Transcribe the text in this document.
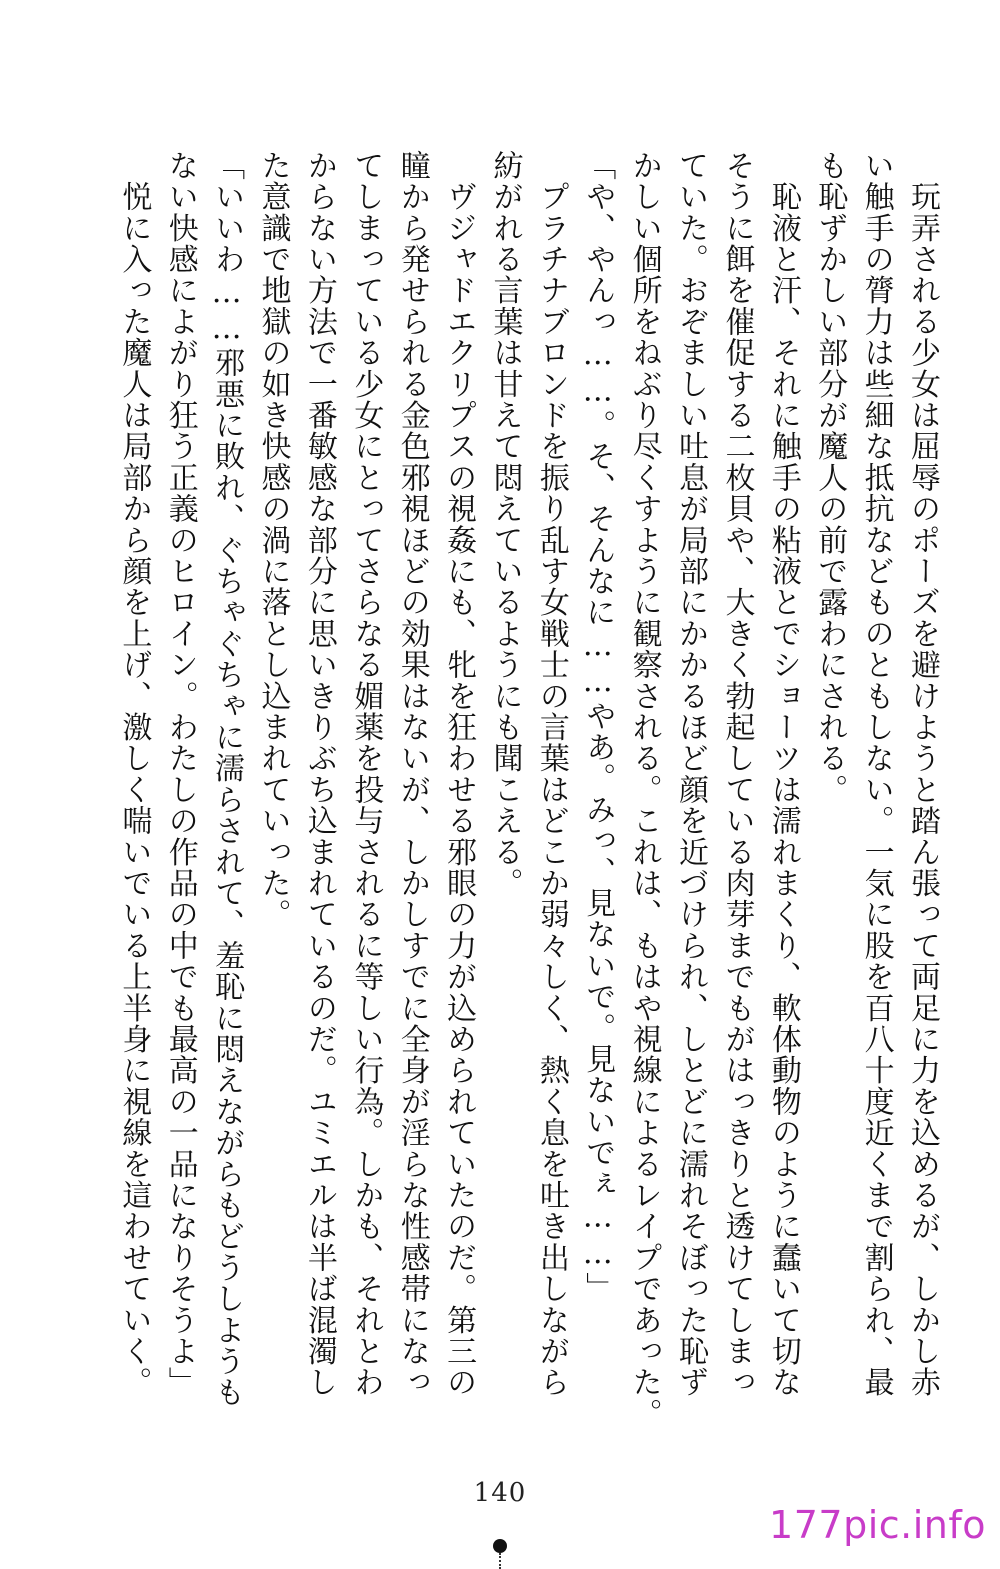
　玩弄される少女は屈辱のポーズを避けようと踏ん張って両足に力を込めるが、しかし赤
い触手の膂力は些細な抵抗などものともしない。一気に股を百八十度近くまで割られ、最
も恥ずかしい部分が魔人の前で露わにされる。
　恥液と汗、それに触手の粘液とでショーツは濡れまくり、軟体動物のように蠢いて切な
そうに餌を催促する二枚貝や、大きく勃起している肉芽までもがはっきりと透けてしまっ
ていた。おぞましい吐息が局部にかかるほど顔を近づけられ、しとどに濡れそぼった恥ず
かしい個所をねぶり尽くすように観察される。これは、もはや視線によるレイプであった。
「や、やんっ……。そ、そんなに……やあ。みっ、見ないで。見ないでぇ……」
　プラチナブロンドを振り乱す女戦士の言葉はどこか弱々しく、熱く息を吐き出しながら
紡がれる言葉は甘えて悶えているようにも聞こえる。
　ヴジャドエクリプスの視姦にも、牝を狂わせる邪眼の力が込められていたのだ。第三の
瞳から発せられる金色邪視ほどの効果はないが、しかしすでに全身が淫らな性感帯になっ
てしまっている少女にとってさらなる媚薬を投与されるに等しい行為。しかも、それとわ
からない方法で一番敏感な部分に思いきりぶち込まれているのだ。ユミエルは半ば混濁し
た意識で地獄の如き快感の渦に落とし込まれていった。
「いいわ……邪悪に敗れ、ぐちゃぐちゃに濡らされて、羞恥に悶えながらもどうしようも
ない快感によがり狂う正義のヒロイン。わたしの作品の中でも最高の一品になりそうよ」
　悦に入った魔人は局部から顔を上げ、激しく喘いでいる上半身に視線を這わせていく。
140
177pic.info
